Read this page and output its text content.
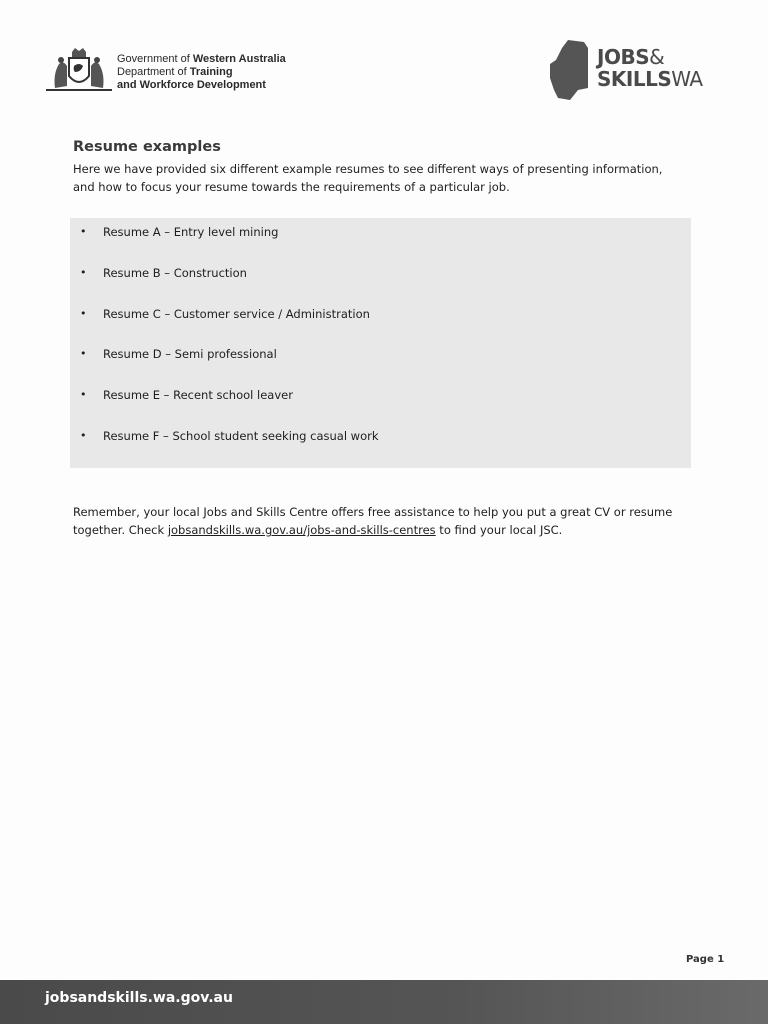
Government of Western Australia
Department of Training
and Workforce Development
JOBS&
SKILLSWA
Resume examples

Here we have provided six different example resumes to see different ways of presenting information, and how to focus your resume towards the requirements of a particular job.

• Resume A – Entry level mining
• Resume B – Construction
• Resume C – Customer service / Administration
• Resume D – Semi professional
• Resume E – Recent school leaver
• Resume F – School student seeking casual work

Remember, your local Jobs and Skills Centre offers free assistance to help you put a great CV or resume together. Check jobsandskills.wa.gov.au/jobs-and-skills-centres to find your local JSC.

Page 1
jobsandskills.wa.gov.au
